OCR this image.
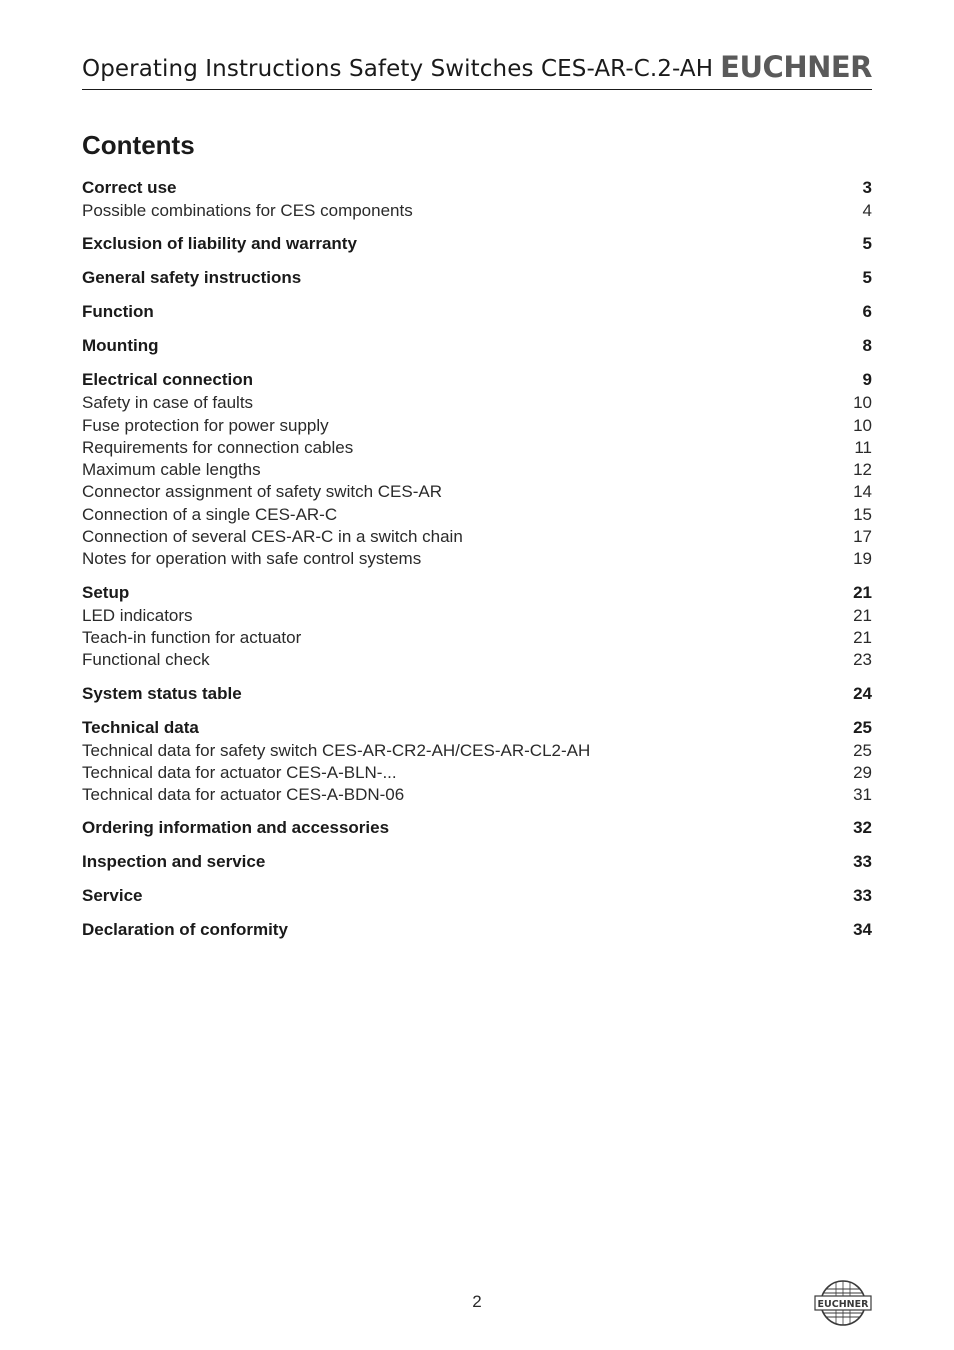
Operating Instructions Safety Switches CES-AR-C.2-AH EUCHNER
Contents
Correct use	3
Possible combinations for CES components	4
Exclusion of liability and warranty	5
General safety instructions	5
Function	6
Mounting	8
Electrical connection	9
Safety in case of faults	10
Fuse protection for power supply	10
Requirements for connection cables	11
Maximum cable lengths	12
Connector assignment of safety switch CES-AR	14
Connection of a single CES-AR-C	15
Connection of several CES-AR-C in a switch chain	17
Notes for operation with safe control systems	19
Setup	21
LED indicators	21
Teach-in function for actuator	21
Functional check	23
System status table	24
Technical data	25
Technical data for safety switch CES-AR-CR2-AH/CES-AR-CL2-AH	25
Technical data for actuator CES-A-BLN-...	29
Technical data for actuator CES-A-BDN-06	31
Ordering information and accessories	32
Inspection and service	33
Service	33
Declaration of conformity	34
2	EUCHNER
